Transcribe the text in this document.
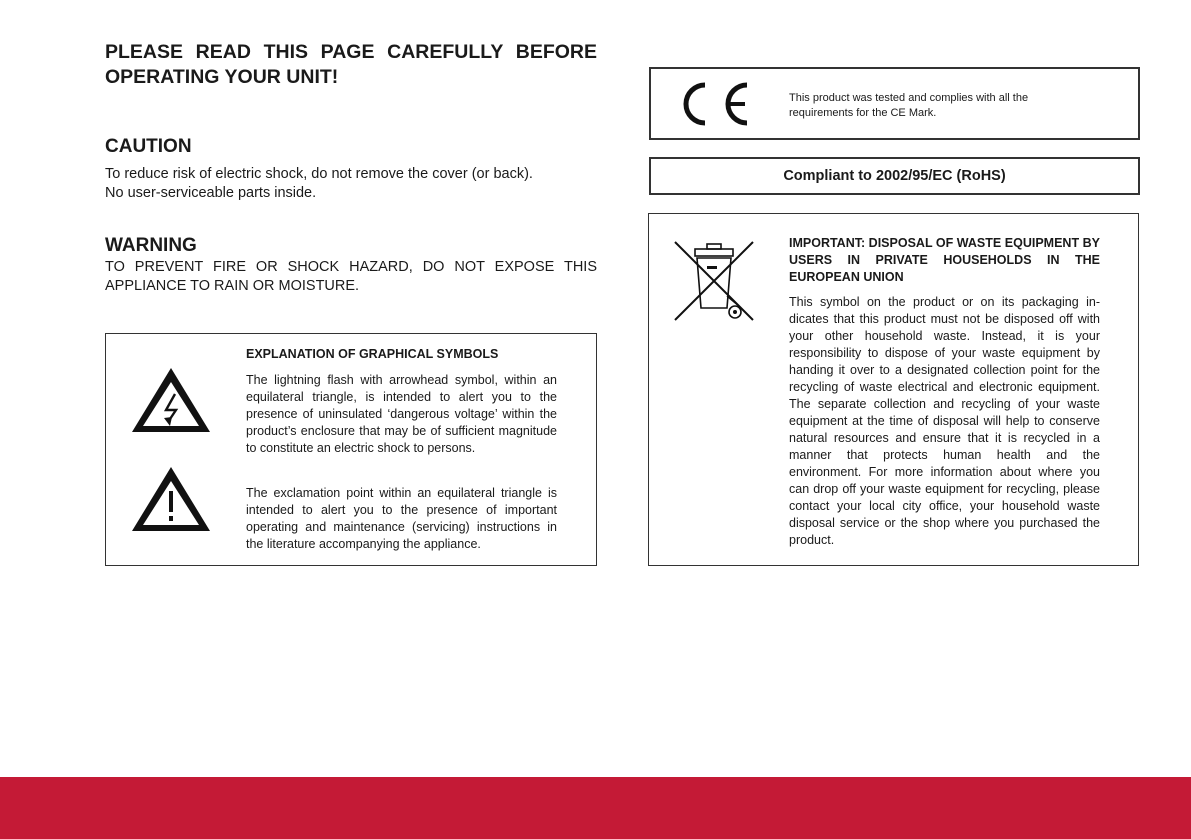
PLEASE READ THIS PAGE CAREFULLY BEFORE OPERATING YOUR UNIT!
CAUTION
To reduce risk of electric shock, do not remove the cover (or back).
No user-serviceable parts inside.
WARNING

TO PREVENT FIRE OR SHOCK HAZARD, DO NOT EXPOSE THIS APPLIANCE TO RAIN OR MOISTURE.

EXPLANATION OF GRAPHICAL SYMBOLS

The lightning flash with arrowhead symbol, within an equilateral triangle, is intended to alert you to the presence of uninsulated ‘dangerous voltage’ within the product’s enclosure that may be of sufficient magnitude to constitute an electric shock to persons.

The exclamation point within an equilateral triangle is intended to alert you to the presence of important operating and maintenance (servicing) instructions in the literature accompanying the appliance.

This product was tested and complies with all the requirements for the CE Mark.

Compliant to 2002/95/EC (RoHS)
IMPORTANT: DISPOSAL OF WASTE EQUIPMENT BY USERS IN PRIVATE HOUSEHOLDS IN THE EUROPEAN UNION

This symbol on the product or on its packaging indicates that this product must not be disposed off with your other household waste. Instead, it is your responsibility to dispose of your waste equipment by handing it over to a designated collection point for the recycling of waste electrical and electronic equipment. The separate collection and recycling of your waste equipment at the time of disposal will help to conserve natural resources and ensure that it is recycled in a manner that protects human health and the environment. For more information about where you can drop off your waste equipment for recycling, please contact your local city office, your household waste disposal service or the shop where you purchased the product.
